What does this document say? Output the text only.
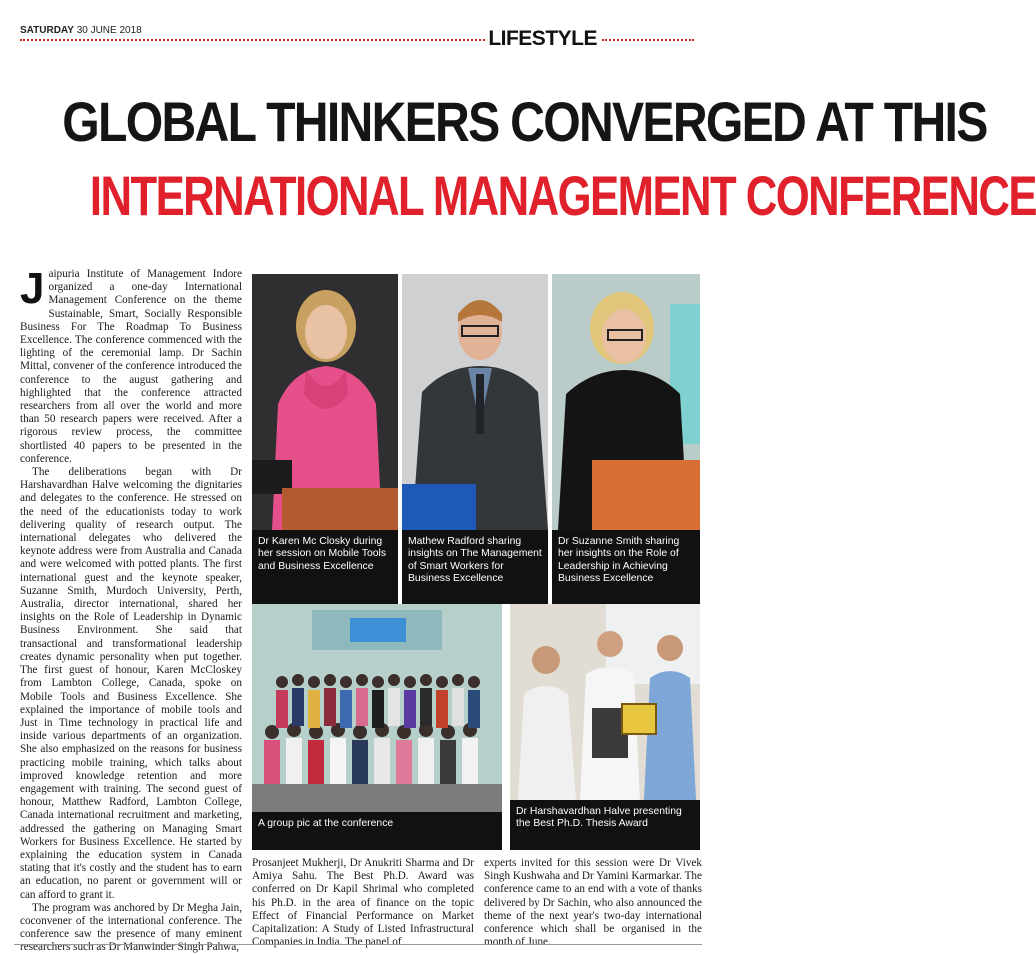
SATURDAY 30 JUNE 2018	LIFESTYLE
GLOBAL THINKERS CONVERGED AT THIS
INTERNATIONAL MANAGEMENT CONFERENCE

Jaipuria Institute of Management Indore organized a one-day International Management Conference on the theme Sustainable, Smart, Socially Responsible Business For The Roadmap To Business Excellence. The conference commenced with the lighting of the ceremonial lamp. Dr Sachin Mittal, convener of the conference introduced the conference to the august gathering and highlighted that the conference attracted researchers from all over the world and more than 50 research papers were received. After a rigorous review process, the committee shortlisted 40 papers to be presented in the conference.

The deliberations began with Dr Harshavardhan Halve welcoming the dignitaries and delegates to the conference. He stressed on the need of the educationists today to work delivering quality of research output. The international delegates who delivered the keynote address were from Australia and Canada and were welcomed with potted plants. The first international guest and the keynote speaker, Suzanne Smith, Murdoch University, Perth, Australia, director international, shared her insights on the Role of Leadership in Dynamic Business Environment. She said that transactional and transformational leadership creates dynamic personality when put together. The first guest of honour, Karen McCloskey from Lambton College, Canada, spoke on Mobile Tools and Business Excellence. She explained the importance of mobile tools and Just in Time technology in practical life and inside various departments of an organization. She also emphasized on the reasons for business practicing mobile training, which talks about improved knowledge retention and more engagement with training. The second guest of honour, Matthew Radford, Lambton College, Canada international recruitment and marketing, addressed the gathering on Managing Smart Workers for Business Excellence. He started by explaining the education system in Canada stating that it's costly and the student has to earn an education, no parent or government will or can afford to grant it.

The program was anchored by Dr Megha Jain, coconvener of the international conference. The conference saw the presence of many eminent researchers such as Dr Manwinder Singh Pahwa,

Dr Karen Mc Closky during her session on Mobile Tools and Business Excellence
Mathew Radford sharing insights on The Management of Smart Workers for Business Excellence
Dr Suzanne Smith sharing her insights on the Role of Leadership in Achieving Business Excellence
A group pic at the conference
Dr Harshavardhan Halve presenting the Best Ph.D. Thesis Award

Prosanjeet Mukherji, Dr Anukriti Sharma and Dr Amiya Sahu. The Best Ph.D. Award was conferred on Dr Kapil Shrimal who completed his Ph.D. in the area of finance on the topic Effect of Financial Performance on Market Capitalization: A Study of Listed Infrastructural Companies in India. The panel of

experts invited for this session were Dr Vivek Singh Kushwaha and Dr Yamini Karmarkar. The conference came to an end with a vote of thanks delivered by Dr Sachin, who also announced the theme of the next year's two-day international conference which shall be organised in the month of June.
